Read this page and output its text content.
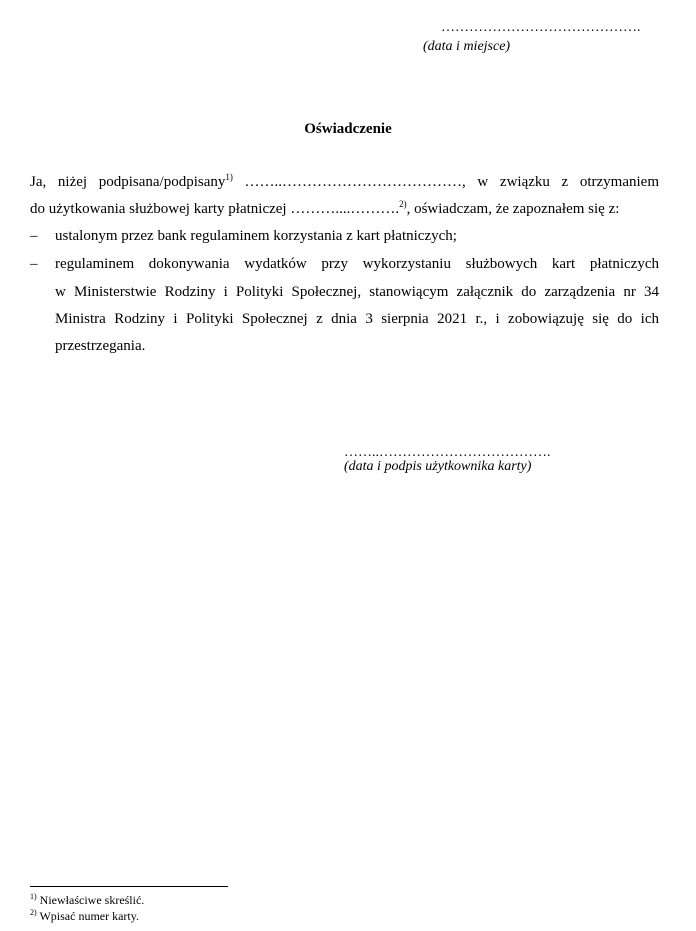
…………………………………….
(data i miejsce)
Oświadczenie
Ja, niżej podpisana/podpisany$^{1)}$ ……..………………………………, w związku z otrzymaniem
do użytkowania służbowej karty płatniczej ………....……….$^{2)}$, oświadczam, że zapoznałem się z:
– ustalonym przez bank regulaminem korzystania z kart płatniczych;
– regulaminem dokonywania wydatków przy wykorzystaniu służbowych kart płatniczych
w Ministerstwie Rodziny i Polityki Społecznej, stanowiącym załącznik do zarządzenia nr 34
Ministra Rodziny i Polityki Społecznej z dnia 3 sierpnia 2021 r., i zobowiązuję się do ich
przestrzegania.
……..……………………………….
(data i podpis użytkownika karty)
$^{1)}$ Niewłaściwe skreślić.
$^{2)}$ Wpisać numer karty.
